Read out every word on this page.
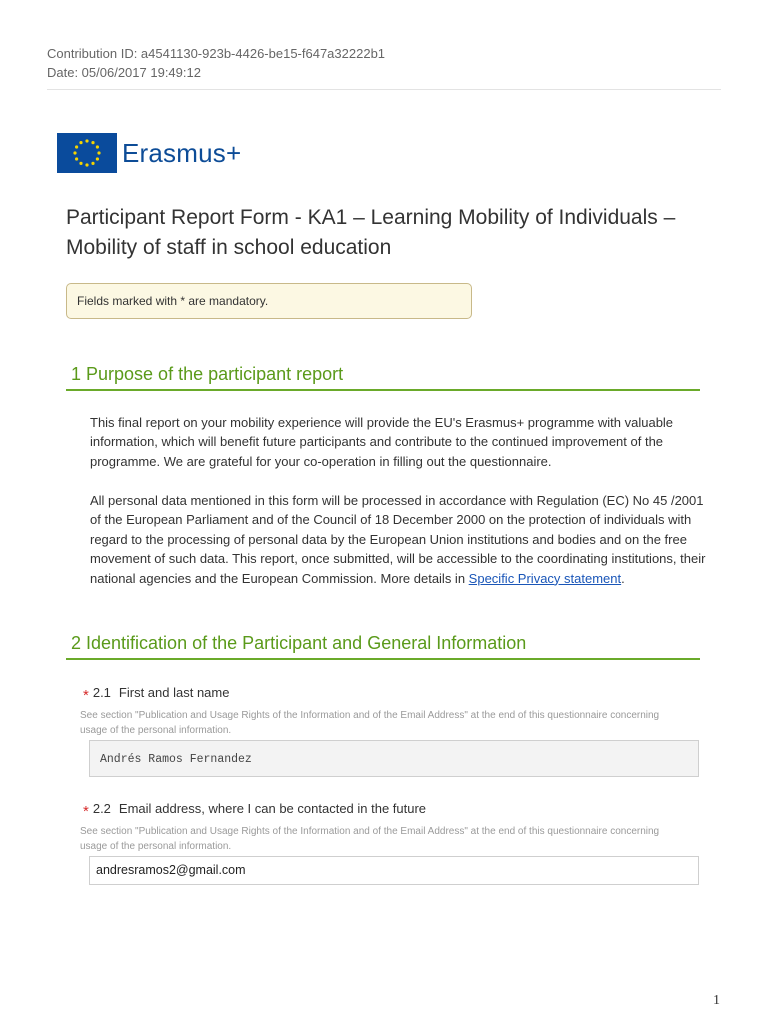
Contribution ID: a4541130-923b-4426-be15-f647a32222b1
Date: 05/06/2017 19:49:12
Erasmus+
Participant Report Form - KA1 – Learning Mobility of Individuals – Mobility of staff in school education
Fields marked with * are mandatory.
1 Purpose of the participant report

This final report on your mobility experience will provide the EU's Erasmus+ programme with valuable information, which will benefit future participants and contribute to the continued improvement of the programme. We are grateful for your co-operation in filling out the questionnaire.

All personal data mentioned in this form will be processed in accordance with Regulation (EC) No 45 /2001 of the European Parliament and of the Council of 18 December 2000 on the protection of individuals with regard to the processing of personal data by the European Union institutions and bodies and on the free movement of such data. This report, once submitted, will be accessible to the coordinating institutions, their national agencies and the European Commission. More details in Specific Privacy statement.

2 Identification of the Participant and General Information
* 2.1 First and last name

See section "Publication and Usage Rights of the Information and of the Email Address" at the end of this questionnaire concerning usage of the personal information.

Andrés Ramos Fernandez
* 2.2 Email address, where I can be contacted in the future

See section "Publication and Usage Rights of the Information and of the Email Address" at the end of this questionnaire concerning usage of the personal information.

andresramos2@gmail.com
1
